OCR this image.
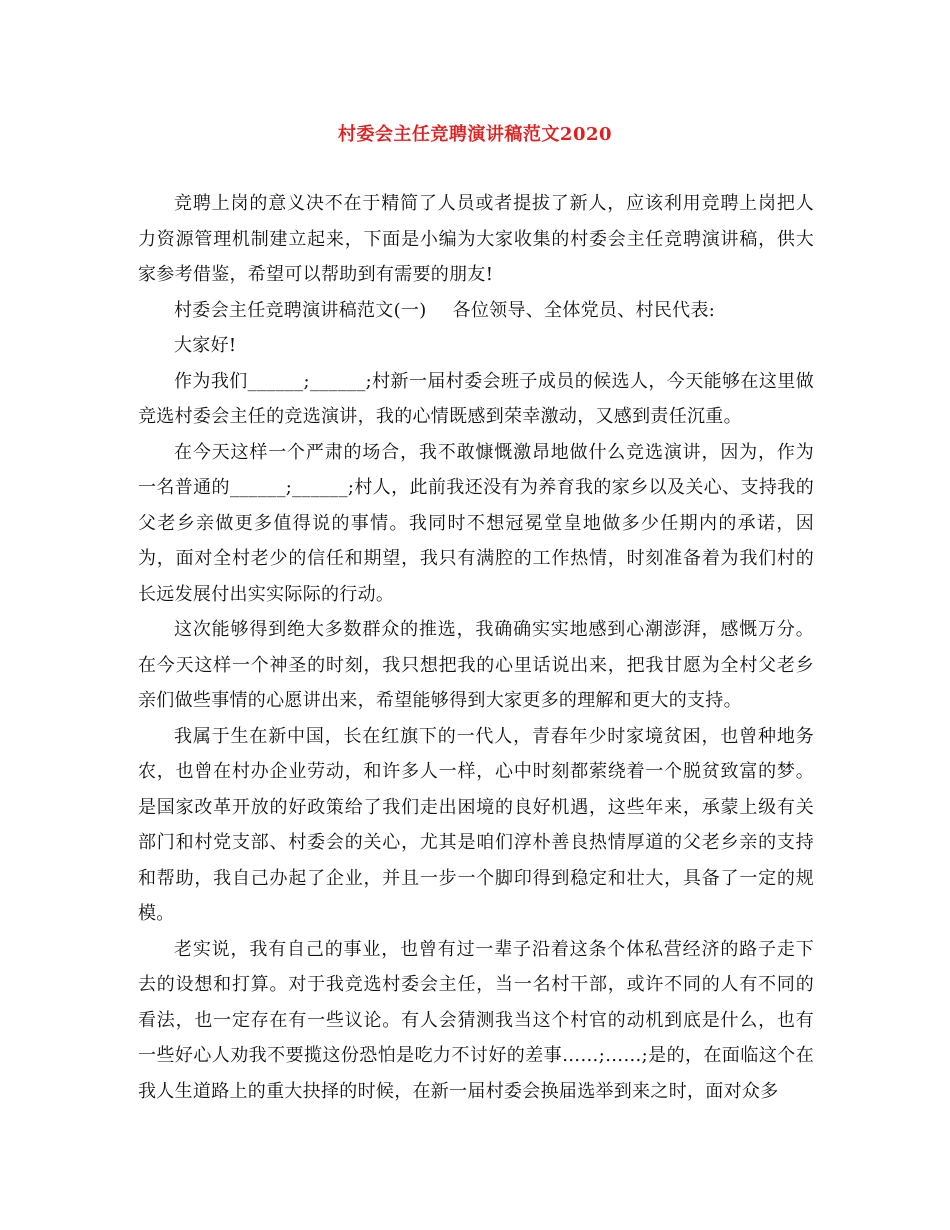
村委会主任竞聘演讲稿范文2020

竞聘上岗的意义决不在于精简了人员或者提拔了新人，应该利用竞聘上岗把人力资源管理机制建立起来，下面是小编为大家收集的村委会主任竞聘演讲稿，供大家参考借鉴，希望可以帮助到有需要的朋友!

村委会主任竞聘演讲稿范文(一) 各位领导、全体党员、村民代表:

大家好!

作为我们______;______;村新一届村委会班子成员的候选人，今天能够在这里做竞选村委会主任的竞选演讲，我的心情既感到荣幸激动，又感到责任沉重。

在今天这样一个严肃的场合，我不敢慷慨激昂地做什么竞选演讲，因为，作为一名普通的______;______;村人，此前我还没有为养育我的家乡以及关心、支持我的父老乡亲做更多值得说的事情。我同时不想冠冕堂皇地做多少任期内的承诺，因为，面对全村老少的信任和期望，我只有满腔的工作热情，时刻准备着为我们村的长远发展付出实实际际的行动。

这次能够得到绝大多数群众的推选，我确确实实地感到心潮澎湃，感慨万分。在今天这样一个神圣的时刻，我只想把我的心里话说出来，把我甘愿为全村父老乡亲们做些事情的心愿讲出来，希望能够得到大家更多的理解和更大的支持。

我属于生在新中国，长在红旗下的一代人，青春年少时家境贫困，也曾种地务农，也曾在村办企业劳动，和许多人一样，心中时刻都萦绕着一个脱贫致富的梦。是国家改革开放的好政策给了我们走出困境的良好机遇，这些年来，承蒙上级有关部门和村党支部、村委会的关心，尤其是咱们淳朴善良热情厚道的父老乡亲的支持和帮助，我自己办起了企业，并且一步一个脚印得到稳定和壮大，具备了一定的规模。

老实说，我有自己的事业，也曾有过一辈子沿着这条个体私营经济的路子走下去的设想和打算。对于我竞选村委会主任，当一名村干部，或许不同的人有不同的看法，也一定存在有一些议论。有人会猜测我当这个村官的动机到底是什么，也有一些好心人劝我不要揽这份恐怕是吃力不讨好的差事……;……;是的，在面临这个在我人生道路上的重大抉择的时候，在新一届村委会换届选举到来之时，面对众多
